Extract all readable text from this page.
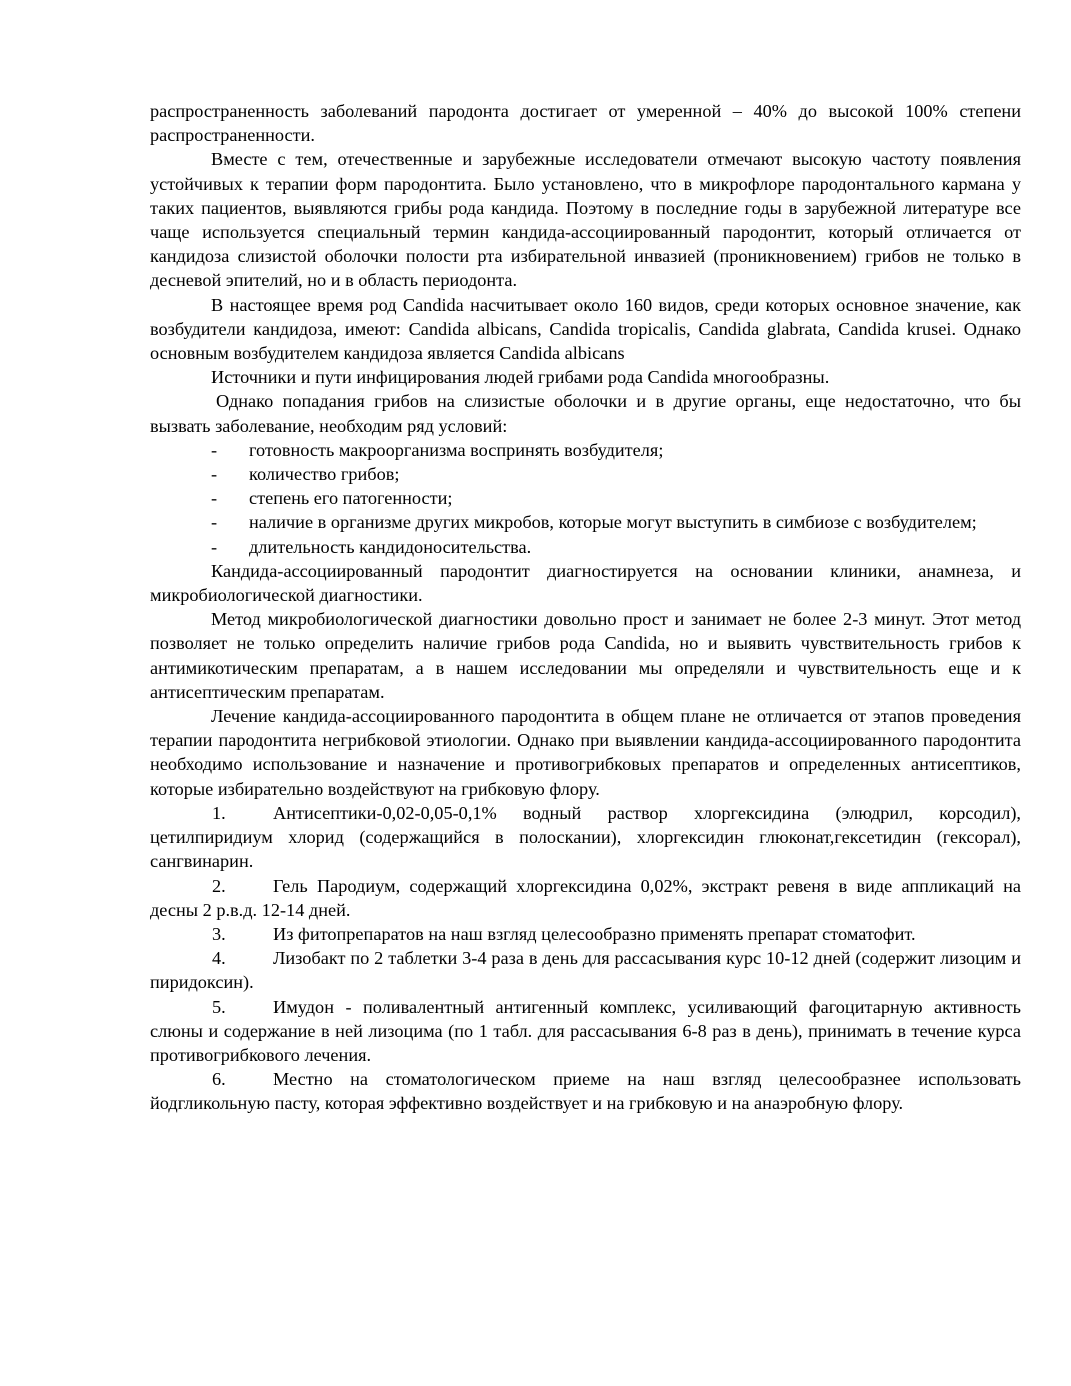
распространенность заболеваний пародонта достигает от умеренной – 40% до высокой 100% степени распространенности.

Вместе с тем, отечественные и зарубежные исследователи отмечают высокую частоту появления устойчивых к терапии форм пародонтита. Было установлено, что в микрофлоре пародонтального кармана у таких пациентов, выявляются грибы рода кандида. Поэтому в последние годы в зарубежной литературе все чаще используется специальный термин кандида-ассоциированный пародонтит, который отличается от кандидоза слизистой оболочки полости рта избирательной инвазией (проникновением) грибов не только в десневой эпителий, но и в область периодонта.

В настоящее время род Candida насчитывает около 160 видов, среди которых основное значение, как возбудители кандидоза, имеют: Candida albicans, Candida tropicalis, Candida glabrata, Candida krusei. Однако основным возбудителем кандидоза является Candida albicans

Источники и пути инфицирования людей грибами рода Candida многообразны.

Однако попадания грибов на слизистые оболочки и в другие органы, еще недостаточно, что бы вызвать заболевание, необходим ряд условий:

- готовность макроорганизма воспринять возбудителя;
- количество грибов;
- степень его патогенности;
- наличие в организме других микробов, которые могут выступить в симбиозе с возбудителем;
- длительность кандидоносительства.

Кандида-ассоциированный пародонтит диагностируется на основании клиники, анамнеза, и микробиологической диагностики.

Метод микробиологической диагностики довольно прост и занимает не более 2-3 минут. Этот метод позволяет не только определить наличие грибов рода Candida, но и выявить чувствительность грибов к антимикотическим препаратам, а в нашем исследовании мы определяли и чувствительность еще и к антисептическим препаратам.

Лечение кандида-ассоциированного пародонтита в общем плане не отличается от этапов проведения терапии пародонтита негрибковой этиологии. Однако при выявлении кандида-ассоциированного пародонтита необходимо использование и назначение и противогрибковых препаратов и определенных антисептиков, которые избирательно воздействуют на грибковую флору.

1.	Антисептики-0,02-0,05-0,1% водный раствор хлоргексидина (элюдрил, корсодил), цетилпиридиум хлорид (содержащийся в полоскании), хлоргексидин глюконат,гексетидин (гексорал), сангвинарин.

2.	Гель Пародиум, содержащий хлоргексидина 0,02%, экстракт ревеня в виде аппликаций на десны 2 р.в.д. 12-14 дней.

3.	Из фитопрепаратов на наш взгляд целесообразно применять препарат стоматофит.

4.	Лизобакт по 2 таблетки 3-4 раза в день для рассасывания курс 10-12 дней (содержит лизоцим и пиридоксин).

5.	Имудон - поливалентный антигенный комплекс, усиливающий фагоцитарную активность слюны и содержание в ней лизоцима (по 1 табл. для рассасывания 6-8 раз в день), принимать в течение курса противогрибкового лечения.

6.	Местно на стоматологическом приеме на наш взгляд целесообразнее использовать йодгликольную пасту, которая эффективно воздействует и на грибковую и на анаэробную флору.
